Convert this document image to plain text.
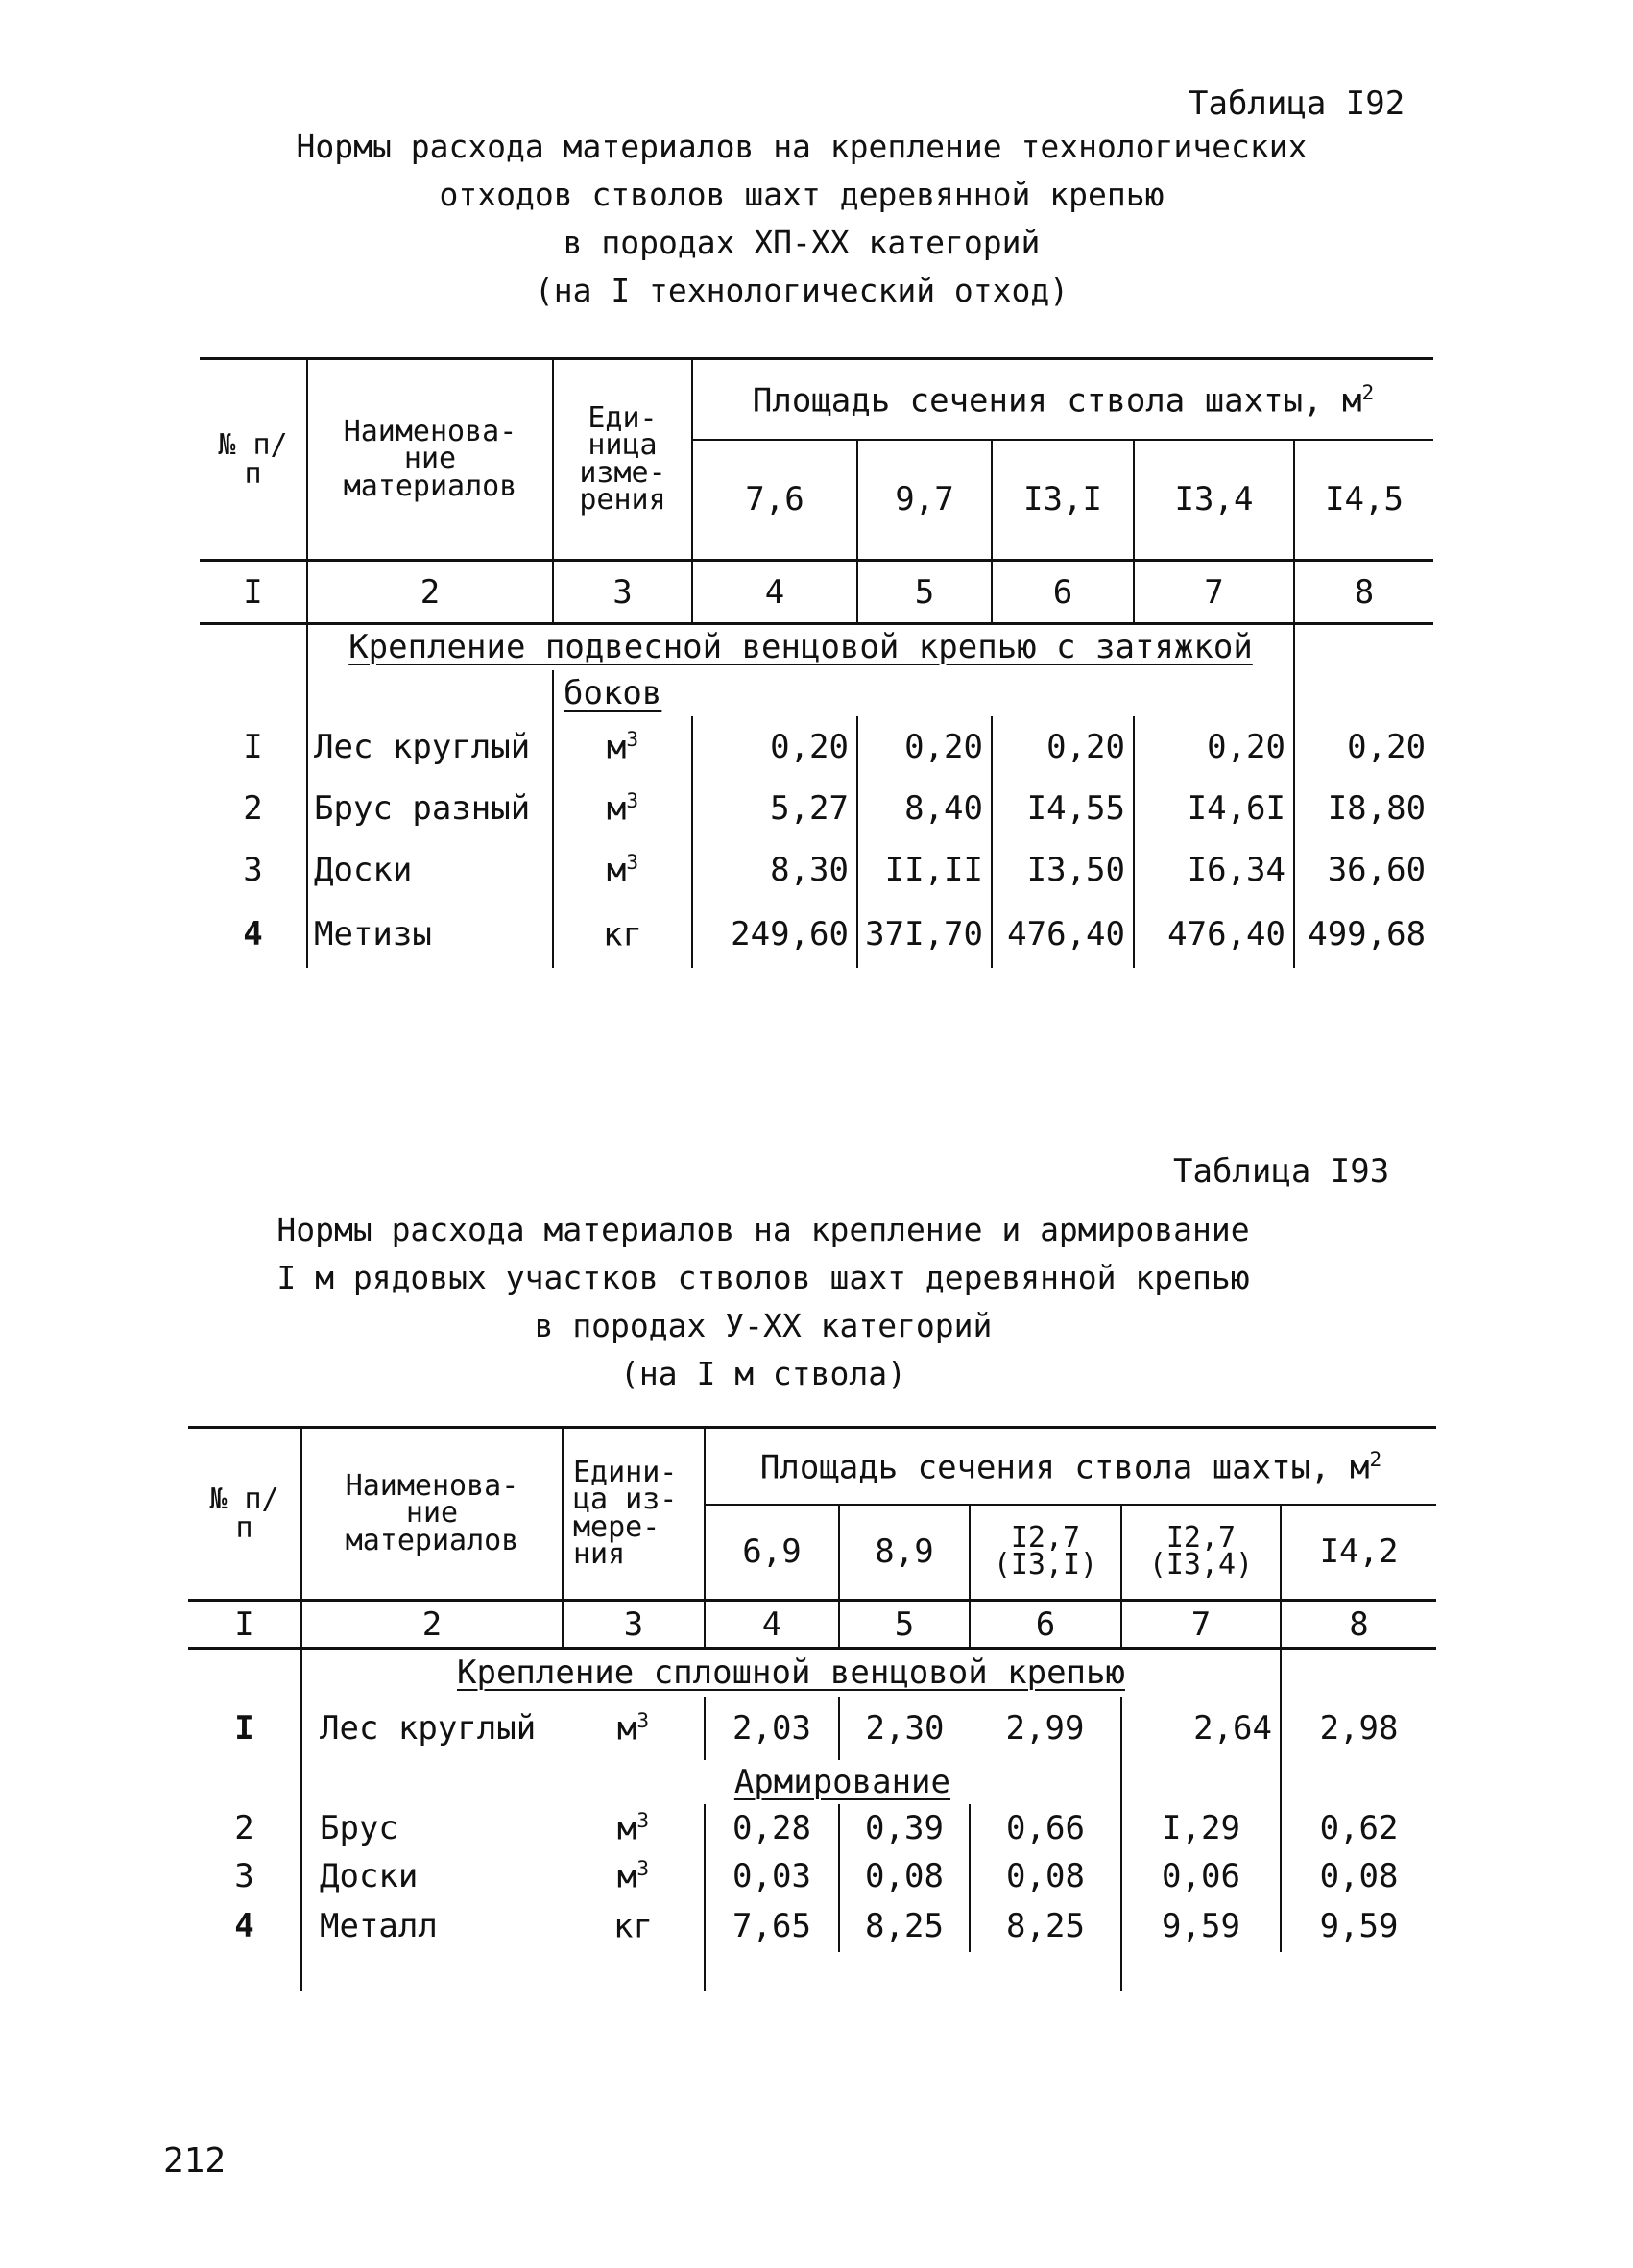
Таблица I92
Нормы расхода материалов на крепление технологических
отходов стволов шахт деревянной крепью
в породах ХП-ХХ категорий
(на I технологический отход)
№ п/п	Наименова- ние материалов	Еди- ница изме- рения	Площадь сечения ствола шахты, $м^2$
			7,6	9,7	I3,I	I3,4	I4,5
I	2	3	4	5	6	7	8
	Крепление подвесной венцовой крепью с затяжкой						
		боков					
I	Лес круглый	$м^3$	0,20	0,20	0,20	0,20	0,20
2	Брус разный	$м^3$	5,27	8,40	I4,55	I4,6I	I8,80
3	Доски	$м^3$	8,30	II,II	I3,50	I6,34	36,60
4	Метизы	кг	249,60	37I,70	476,40	476,40	499,68
Таблица I93
Нормы расхода материалов на крепление и армирование
I м рядовых участков стволов шахт деревянной крепью
в породах У-ХХ категорий
(на I м ствола)
№ п/п	Наименова- ние материалов	Едини- ца из- мере- ния	Площадь сечения ствола шахты, $м^2$
			6,9	8,9	I2,7 (I3,I)	I2,7 (I3,4)	I4,2
I	2	3	4	5	6	7	8
	Крепление сплошной венцовой крепью						
I	Лес круглый	$м^3$	2,03	2,30	2,99	2,64	2,98
		Армирование					
2	Брус	$м^3$	0,28	0,39	0,66	I,29	0,62
3	Доски	$м^3$	0,03	0,08	0,08	0,06	0,08
4	Металл	кг	7,65	8,25	8,25	9,59	9,59

212
